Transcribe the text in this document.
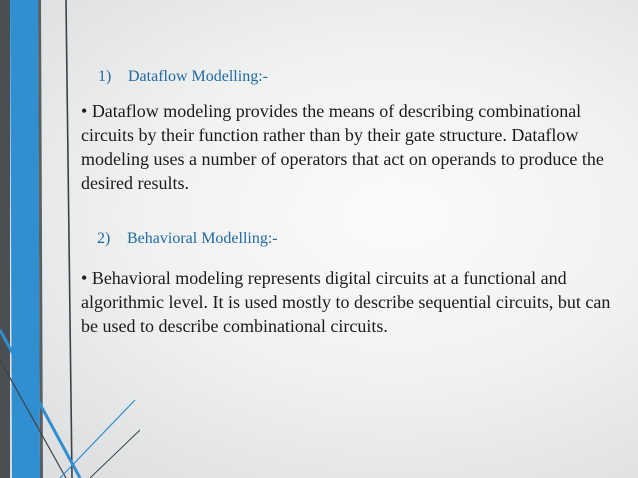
1) Dataflow Modelling:-
• Dataflow modeling provides the means of describing combinational circuits by their function rather than by their gate structure. Dataflow modeling uses a number of operators that act on operands to produce the desired results.
2) Behavioral Modelling:-
• Behavioral modeling represents digital circuits at a functional and algorithmic level. It is used mostly to describe sequential circuits, but can be used to describe combinational circuits.
